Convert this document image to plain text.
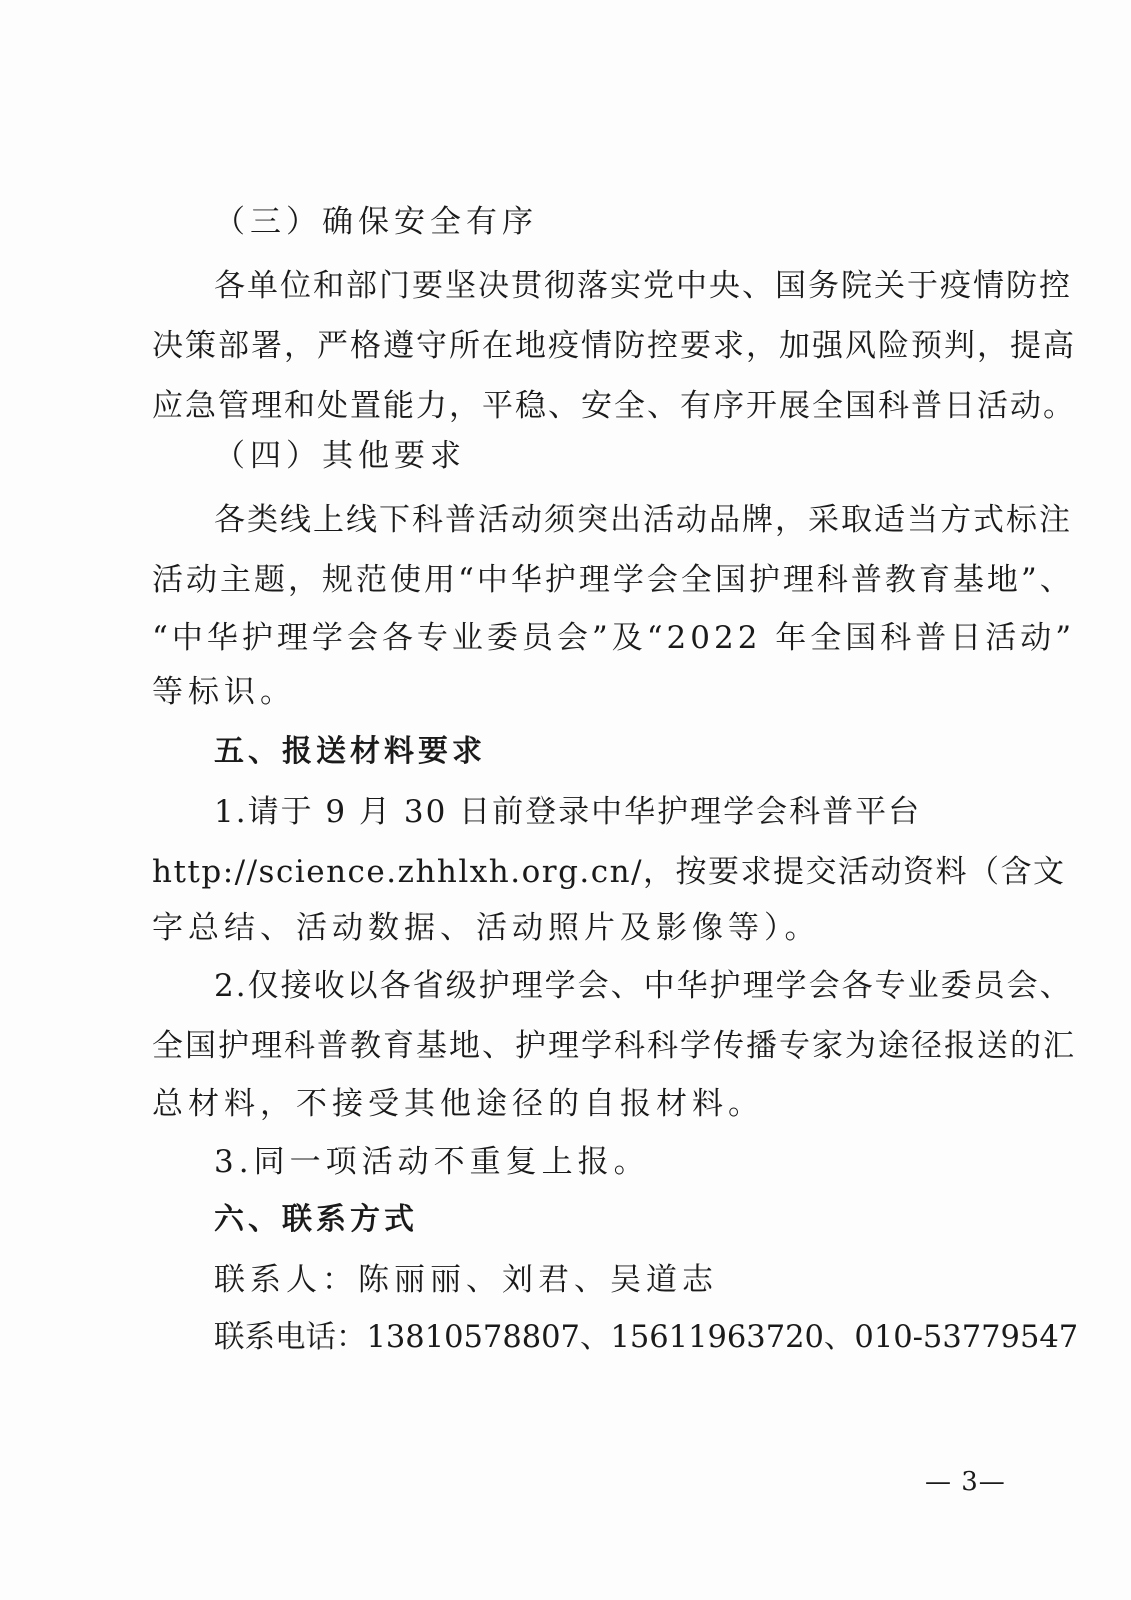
（三）确保安全有序
各单位和部门要坚决贯彻落实党中央、国务院关于疫情防控
决策部署，严格遵守所在地疫情防控要求，加强风险预判，提高
应急管理和处置能力，平稳、安全、有序开展全国科普日活动。
（四）其他要求
各类线上线下科普活动须突出活动品牌，采取适当方式标注
活动主题，规范使用“中华护理学会全国护理科普教育基地”、
“中华护理学会各专业委员会”及“2022 年全国科普日活动”
等标识。
五、报送材料要求
1.请于 9 月 30 日前登录中华护理学会科普平台
http://science.zhhlxh.org.cn/，按要求提交活动资料（含文
字总结、活动数据、活动照片及影像等）。
2.仅接收以各省级护理学会、中华护理学会各专业委员会、
全国护理科普教育基地、护理学科科学传播专家为途径报送的汇
总材料，不接受其他途径的自报材料。
3.同一项活动不重复上报。
六、联系方式
联系人：陈丽丽、刘君、吴道志
联系电话：13810578807、15611963720、010-53779547
— 3—
